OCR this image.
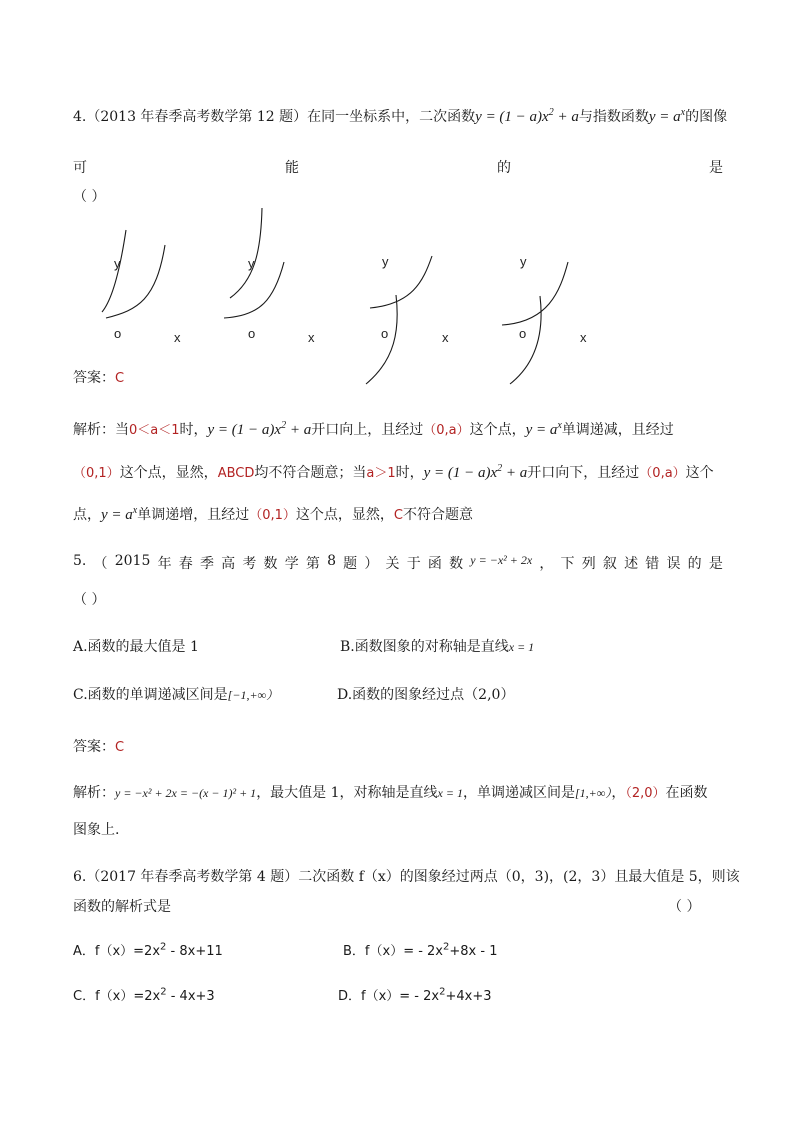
4.（2013 年春季高考数学第 12 题）在同一坐标系中，二次函数$y = (1 - a)x^2 + a$与指数函数$y = a^x$的图像
可	能	的	是
（ ）
y
o	x
y
o	x
y
o	x
y
o	x
答案：C
解析：当0＜a＜1时，$y = (1 - a)x^2 + a$开口向上，且经过（0,a）这个点，$y = a^x$单调递减，且经过
（0,1）这个点，显然，ABCD均不符合题意；当a＞1时，$y = (1 - a)x^2 + a$开口向下，且经过（0,a）这个
点，$y = a^x$单调递增，且经过（0,1）这个点，显然，C不符合题意
5. （ 2015 年 春 季 高 考 数 学 第 8 题 ） 关 于 函 数 y = −x² + 2x ， 下 列 叙 述 错 误 的 是
（ ）
A.函数的最大值是 1	B.函数图象的对称轴是直线x = 1
C.函数的单调递减区间是[−1,+∞）	D.函数的图象经过点（2,0）
答案：C
解析：y = −x² + 2x = −(x − 1)² + 1，最大值是 1，对称轴是直线x = 1，单调递减区间是[1,+∞），（2,0）在函数
图象上.
6.（2017 年春季高考数学第 4 题）二次函数 f（x）的图象经过两点（0，3)，(2，3）且最大值是 5，则该
函数的解析式是	（ ）
A．$f(x)=2x^2 - 8x+11$	B．$f(x)= - 2x^2+8x - 1$
C．$f(x)=2x^2 - 4x+3$	D．$f(x)= - 2x^2+4x+3$
